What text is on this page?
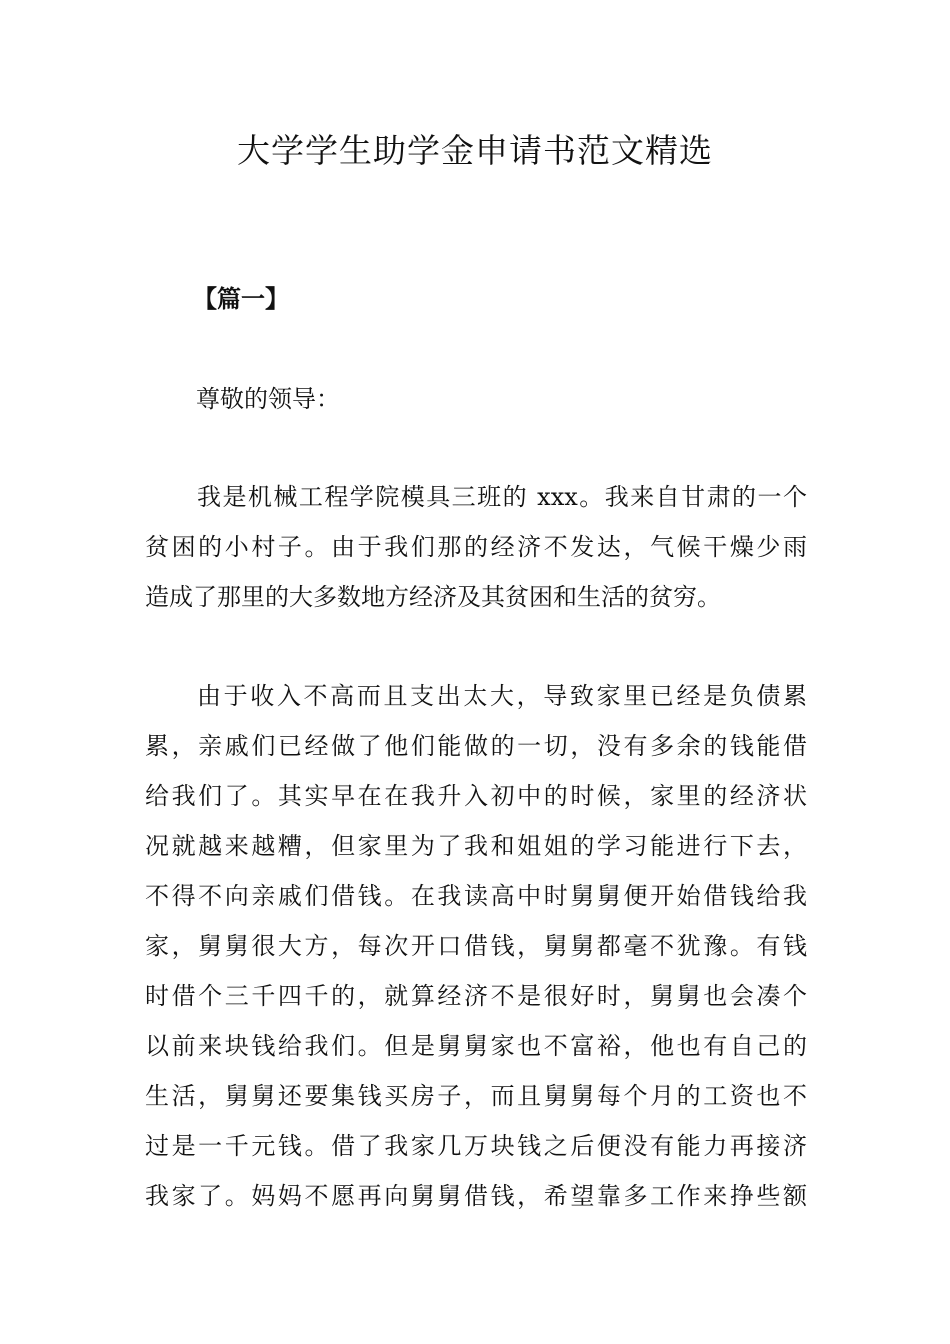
大学学生助学金申请书范文精选
【篇一】
尊敬的领导：
我是机械工程学院模具三班的 xxx。我来自甘肃的一个
贫困的小村子。由于我们那的经济不发达，气候干燥少雨
造成了那里的大多数地方经济及其贫困和生活的贫穷。
由于收入不高而且支出太大，导致家里已经是负债累
累，亲戚们已经做了他们能做的一切，没有多余的钱能借
给我们了。其实早在在我升入初中的时候，家里的经济状
况就越来越糟，但家里为了我和姐姐的学习能进行下去，
不得不向亲戚们借钱。在我读高中时舅舅便开始借钱给我
家，舅舅很大方，每次开口借钱，舅舅都毫不犹豫。有钱
时借个三千四千的，就算经济不是很好时，舅舅也会凑个
以前来块钱给我们。但是舅舅家也不富裕，他也有自己的
生活，舅舅还要集钱买房子，而且舅舅每个月的工资也不
过是一千元钱。借了我家几万块钱之后便没有能力再接济
我家了。妈妈不愿再向舅舅借钱，希望靠多工作来挣些额
